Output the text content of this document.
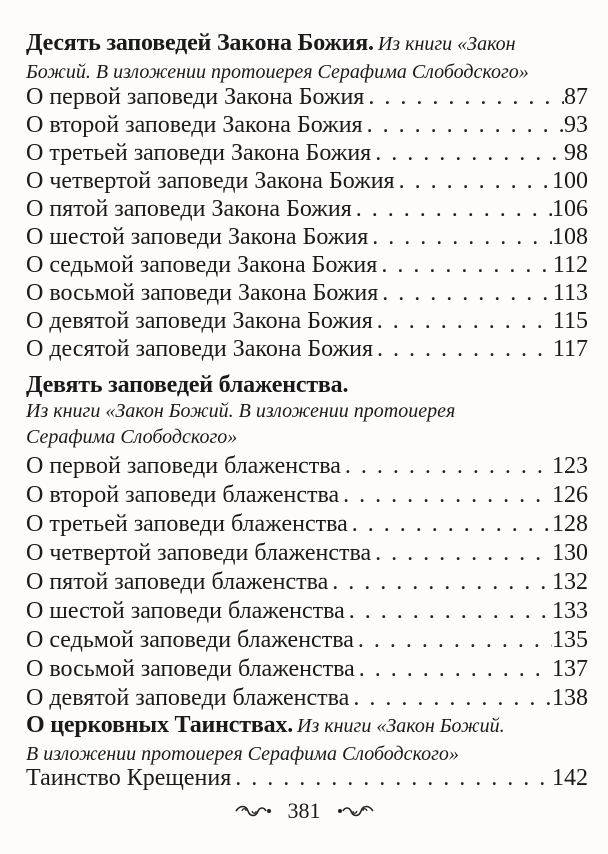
Десять заповедей Закона Божия. Из книги «Закон
Божий. В изложении протоиерея Серафима Слободского»
О первой заповеди Закона Божия . . .	87
О второй заповеди Закона Божия . . .	93
О третьей заповеди Закона Божия . . .	98
О четвертой заповеди Закона Божия . . .	100
О пятой заповеди Закона Божия . . .	106
О шестой заповеди Закона Божия . . .	108
О седьмой заповеди Закона Божия . . .	112
О восьмой заповеди Закона Божия . . .	113
О девятой заповеди Закона Божия . . .	115
О десятой заповеди Закона Божия . . .	117
Девять заповедей блаженства.
Из книги «Закон Божий. В изложении протоиерея
Серафима Слободского»
О первой заповеди блаженства . . .	123
О второй заповеди блаженства . . .	126
О третьей заповеди блаженства . . .	128
О четвертой заповеди блаженства . . .	130
О пятой заповеди блаженства . . .	132
О шестой заповеди блаженства . . .	133
О седьмой заповеди блаженства . . .	135
О восьмой заповеди блаженства . . .	137
О девятой заповеди блаженства . . .	138
О церковных Таинствах. Из книги «Закон Божий.
В изложении протоиерея Серафима Слободского»
Таинство Крещения . . .	142
381
